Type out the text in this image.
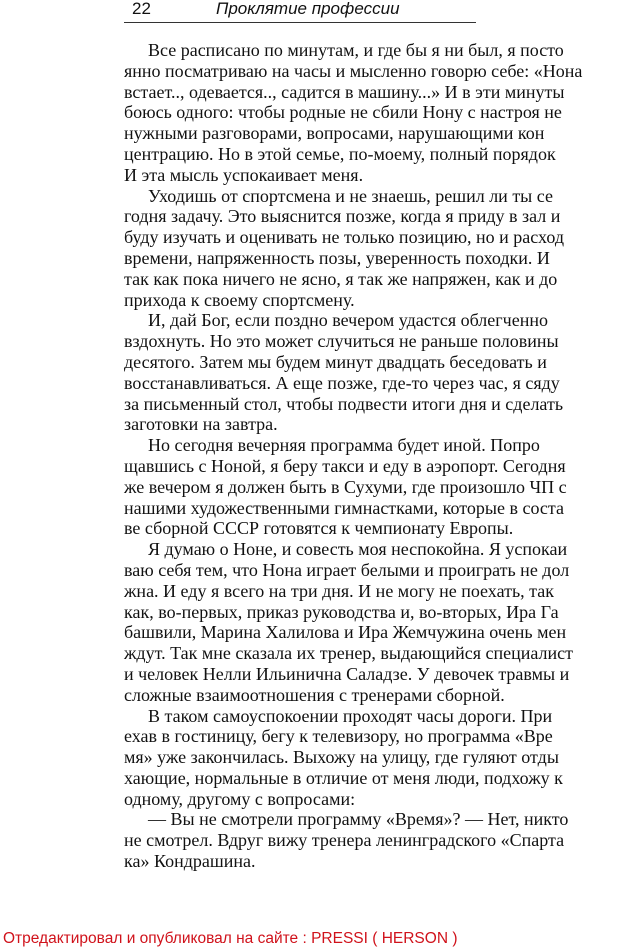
22	Проклятие профессии
Все расписано по минутам, и где бы я ни был, я посто
янно посматриваю на часы и мысленно говорю себе: «Нона
встает.., одевается.., садится в машину...» И в эти минуты
боюсь одного: чтобы родные не сбили Нону с настроя не
нужными разговорами, вопросами, нарушающими кон
центрацию. Но в этой семье, по-моему, полный порядок
И эта мысль успокаивает меня.
Уходишь от спортсмена и не знаешь, решил ли ты се
годня задачу. Это выяснится позже, когда я приду в зал и
буду изучать и оценивать не только позицию, но и расход
времени, напряженность позы, уверенность походки. И
так как пока ничего не ясно, я так же напряжен, как и до
прихода к своему спортсмену.
И, дай Бог, если поздно вечером удастся облегченно
вздохнуть. Но это может случиться не раньше половины
десятого. Затем мы будем минут двадцать беседовать и
восстанавливаться. А еще позже, где-то через час, я сяду
за письменный стол, чтобы подвести итоги дня и сделать
заготовки на завтра.
Но сегодня вечерняя программа будет иной. Попро
щавшись с Ноной, я беру такси и еду в аэропорт. Сегодня
же вечером я должен быть в Сухуми, где произошло ЧП с
нашими художественными гимнастками, которые в соста
ве сборной СССР готовятся к чемпионату Европы.
Я думаю о Ноне, и совесть моя неспокойна. Я успокаи
ваю себя тем, что Нона играет белыми и проиграть не дол
жна. И еду я всего на три дня. И не могу не поехать, так
как, во-первых, приказ руководства и, во-вторых, Ира Га
башвили, Марина Халилова и Ира Жемчужина очень мен
ждут. Так мне сказала их тренер, выдающийся специалист
и человек Нелли Ильинична Саладзе. У девочек травмы и
сложные взаимоотношения с тренерами сборной.
В таком самоуспокоении проходят часы дороги. При
ехав в гостиницу, бегу к телевизору, но программа «Вре
мя» уже закончилась. Выхожу на улицу, где гуляют отды
хающие, нормальные в отличие от меня люди, подхожу к
одному, другому с вопросами:
— Вы не смотрели программу «Время»? — Нет, никто
не смотрел. Вдруг вижу тренера ленинградского «Спарта
ка» Кондрашина.
Отредактировал и опубликовал на сайте : PRESSI ( HERSON )
